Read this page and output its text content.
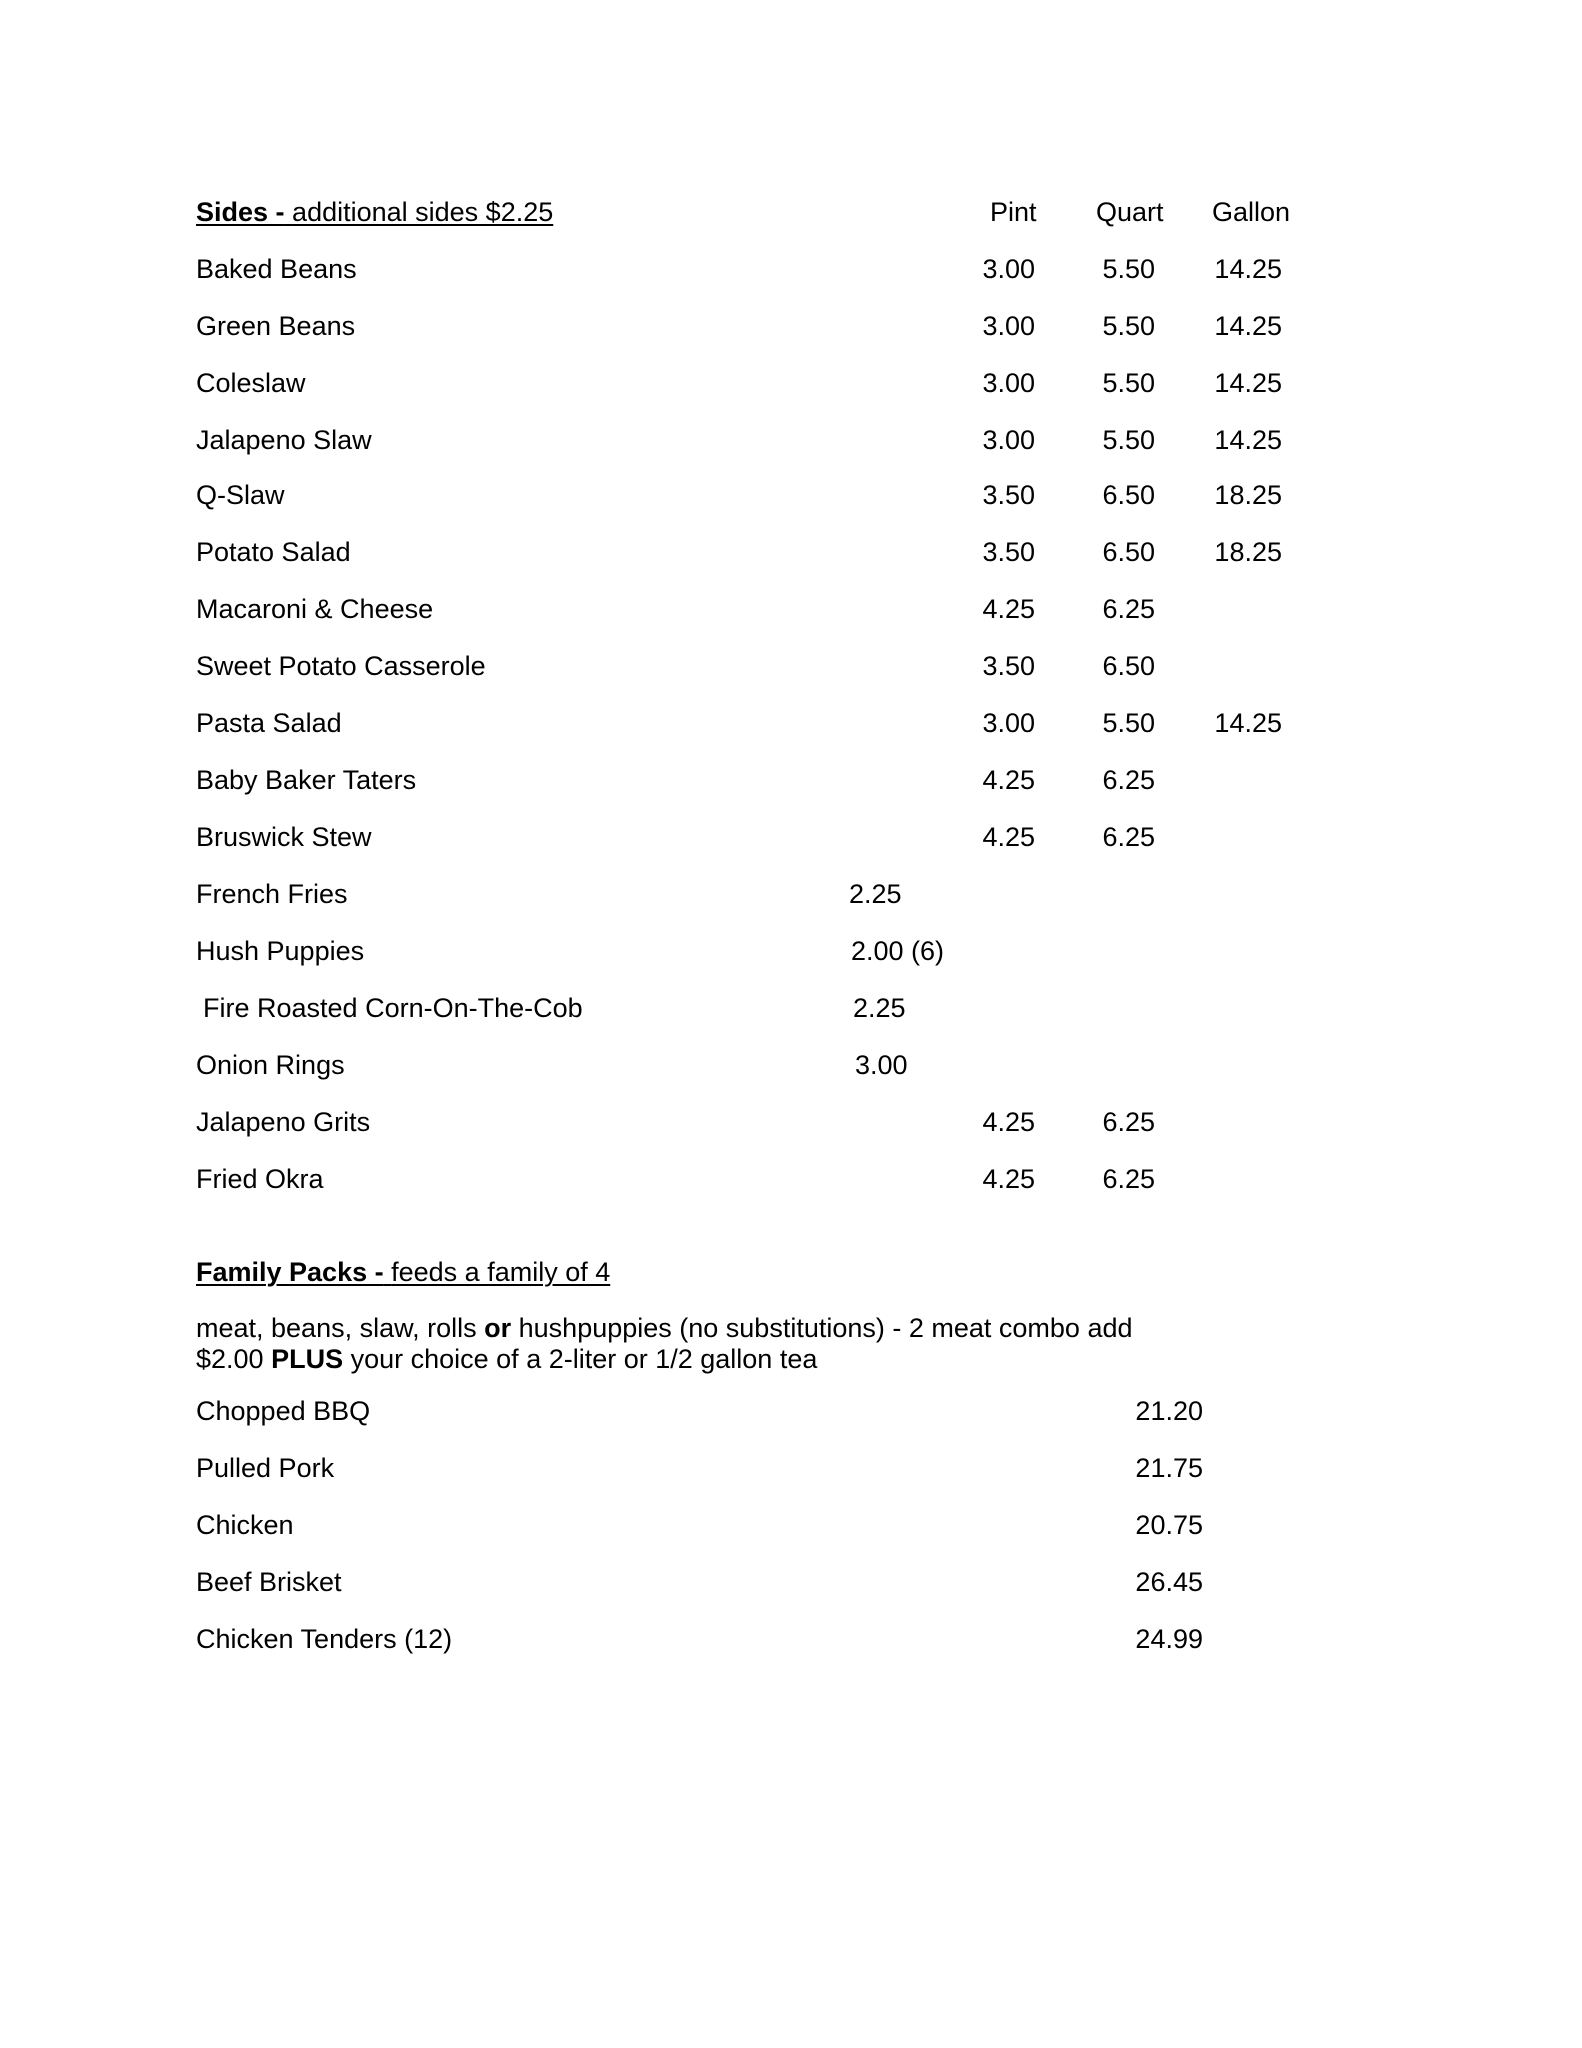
Sides - additional sides $2.25	Pint Quart Gallon
Baked Beans	3.00	5.50	14.25
Green Beans	3.00	5.50	14.25
Coleslaw	3.00	5.50	14.25
Jalapeno Slaw	3.00	5.50	14.25
Q-Slaw	3.50	6.50	18.25
Potato Salad	3.50	6.50	18.25
Macaroni & Cheese	4.25	6.25
Sweet Potato Casserole	3.50	6.50
Pasta Salad	3.00	5.50	14.25
Baby Baker Taters	4.25	6.25
Bruswick Stew	4.25	6.25
French Fries	2.25
Hush Puppies	2.00 (6)
Fire Roasted Corn-On-The-Cob	2.25
Onion Rings	3.00
Jalapeno Grits	4.25	6.25
Fried Okra	4.25	6.25
Family Packs - feeds a family of 4
meat, beans, slaw, rolls or hushpuppies (no substitutions) - 2 meat combo add
$2.00 PLUS your choice of a 2-liter or 1/2 gallon tea
Chopped BBQ	21.20
Pulled Pork	21.75
Chicken	20.75
Beef Brisket	26.45
Chicken Tenders (12)	24.99
